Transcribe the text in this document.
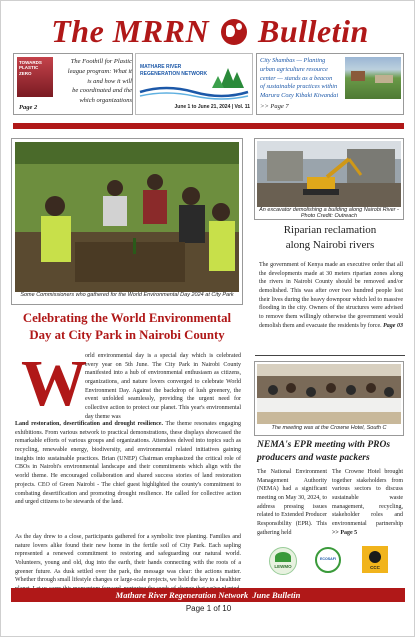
The MRRN Bulletin
TOWARDS PLASTIC ZERO
The Foothill for Plastic
league program: What it
is and how it will
be coordinated and the
which organizations
Page 2
MATHARE RIVER
REGENERATION NETWORK
June 1 to June 21, 2024 | Vol. 11
City Shambas — Planting
urban agriculture resource
center — stands as a beacon
of sustainable practices within
Marura Cozy Kibaki Kiwandai
>> Page 7
Some Commissioners who gathered for the World Environmental Day 2024 at City Park
Celebrating the World Environmental
Day at City Park in Nairobi County
W
orld environmental day is a special day which is celebrated every year on 5th June. The City Park in Nairobi County manifested into a hub of environmental enthusiasm as citizens, organizations, and nature lovers converged to celebrate World Environment Day. Against the backdrop of lush greenery, the event unfolded seamlessly, providing the urgent need for collective action to protect our planet. This year's environmental day theme was
Land restoration, desertification and drought resilience. The theme resonates engaging exhibitions. From various network to practical demonstrations, these displays showcased the remarkable efforts of various groups and organizations. Attendees delved into topics such as recycling, renewable energy, biodiversity, and environmental related initiatives gaining insights into sustainable practices. Brian (UNEP) Chairman emphasized the critical role of CBOs in Nairobi's environmental landscape and their commitments which align with the world theme. He encouraged collaboration and shared success stories of land restoration projects. CEO of Green Nairobi - The chief guest highlighted the county's commitment to combating desertification and promoting drought resilience. He called for collective action and urged citizens to be stewards of the land.
As the day drew to a close, participants gathered for a symbolic tree planting. Families and nature lovers alike found their new home in the fertile soil of City Park. Each sapling represented a renewed commitment to restoring and safeguarding our natural world. Volunteers, young and old, dug into the earth, their hands connecting with the roots of a greener future. As dusk settled over the park, the message was clear: the actions matter. Whether through small lifestyle changes or large-scale projects, we hold the key to a healthier
An excavator demolishing a building along Nairobi River - Photo Credit: Outreach
Riparian reclamation
along Nairobi rivers
The government of Kenya made an executive order that all the developments made at 30 meters riparian zones along the rivers in Nairobi County should be removed and/or demolished. This was after over two hundred people lost their lives during the heavy downpour which led to massive flooding in the city. Owners of the structures were advised to remove them willingly otherwise the government would demolish them and evacuate the residents by force. Page 03
The meeting was at the Crowne Hotel, South C
NEMA's EPR meeting with PROs
producers and waste packers
The National Environment Management Authority (NEMA) had a significant meeting on May 30, 2024, to address pressing issues related to Extended Producer Responsibility (EPR). This gathering held
The Crowne Hotel brought together stakeholders from various sectors to discuss sustainable waste management, recycling, stakeholder roles and environmental partnership >> Page 5
LEWMO
ECOSAFI
CCC
Mathare River Regeneration Network  June Bulletin
Page 1 of 10
